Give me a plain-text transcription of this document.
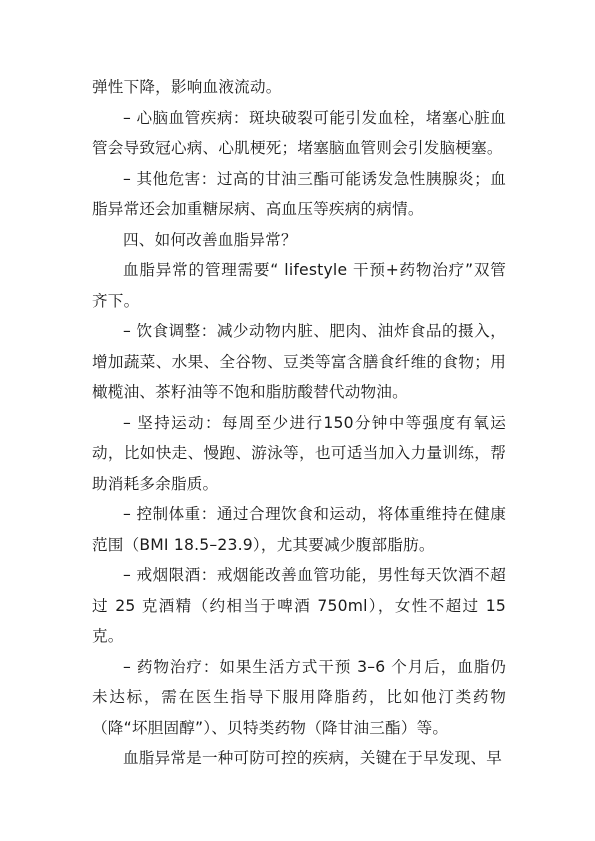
弹性下降，影响血液流动。

– 心脑血管疾病：斑块破裂可能引发血栓，堵塞心脏血管会导致冠心病、心肌梗死；堵塞脑血管则会引发脑梗塞。

– 其他危害：过高的甘油三酯可能诱发急性胰腺炎；血脂异常还会加重糖尿病、高血压等疾病的病情。

四、如何改善血脂异常？

血脂异常的管理需要“ lifestyle 干预+药物治疗”双管齐下。

– 饮食调整：减少动物内脏、肥肉、油炸食品的摄入，增加蔬菜、水果、全谷物、豆类等富含膳食纤维的食物；用橄榄油、茶籽油等不饱和脂肪酸替代动物油。

– 坚持运动：每周至少进行150分钟中等强度有氧运动，比如快走、慢跑、游泳等，也可适当加入力量训练，帮助消耗多余脂质。

– 控制体重：通过合理饮食和运动，将体重维持在健康范围（BMI 18.5–23.9），尤其要减少腹部脂肪。

– 戒烟限酒：戒烟能改善血管功能，男性每天饮酒不超过 25 克酒精（约相当于啤酒 750ml），女性不超过 15 克。

– 药物治疗：如果生活方式干预 3–6 个月后，血脂仍未达标，需在医生指导下服用降脂药，比如他汀类药物（降“坏胆固醇”）、贝特类药物（降甘油三酯）等。

血脂异常是一种可防可控的疾病，关键在于早发现、早
